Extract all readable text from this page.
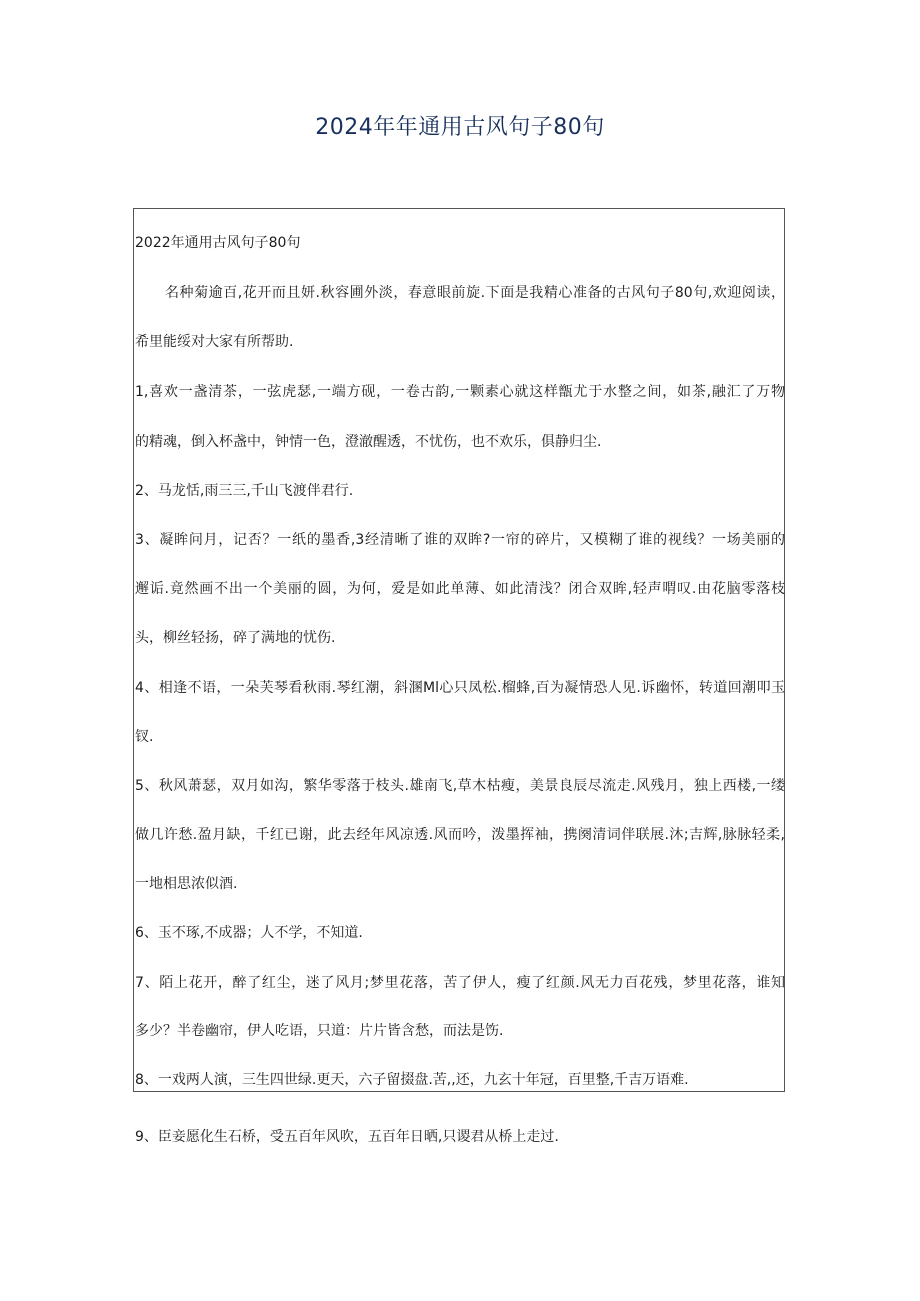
2024年年通用古风句子80句
2022年通用古风句子80句
名种菊逾百,花开而且妍.秋容圃外淡，春意眼前旋.下面是我精心准备的古风句子80句,欢迎阅读，
希里能绥对大家有所帮助.
1,喜欢一盏清茶，一弦虎瑟,一端方砚，一卷古韵,一颗素心就这样甑尤于水整之间，如茶,融汇了万物
的精魂，倒入杯盏中，钟情一色，澄澈醒透，不忧伤，也不欢乐，俱静归尘.
2、马龙恬,雨三三,千山飞渡伴君行.
3、凝眸问月，记否？一纸的墨香,3经清晰了谁的双眸?一帘的碎片，又模糊了谁的视线？一场美丽的
邂诟.竟然画不出一个美丽的圆，为何，爱是如此单薄、如此清浅？闭合双眸,轻声喟叹.由花脑零落枝
头，柳丝轻扬，碎了满地的忧伤.
4、相逢不语，一朵芙琴看秋雨.琴红潮，斜溷Ml心只凤松.榴蜂,百为凝情恐人见.诉幽怀，转道回潮叩玉
钗.
5、秋风萧瑟，双月如沟，繁华零落于枝头.雄南飞,草木枯瘦，美景良辰尽流走.风残月，独上西楼,一缕
做几许愁.盈月缺，千红已谢，此去经年风凉透.风而吟，泼墨挥袖，携阕清词伴联展.沐;吉辉,脉脉轻柔,
一地相思浓似酒.
6、玉不琢,不成器；人不学，不知道.
7、陌上花开，醉了红尘，迷了风月;梦里花落，苦了伊人，瘦了红颜.风无力百花残，梦里花落，谁知
多少？半卷幽帘，伊人吃语，只道：片片皆含愁，而法是饬.
8、一戏两人演，三生四世绿.更天，六子留掇盘.苦,,还，九玄十年冠，百里整,千吉万语难.
9、臣妾愿化生石桥，受五百年风吹，五百年日晒,只谡君从桥上走过.
